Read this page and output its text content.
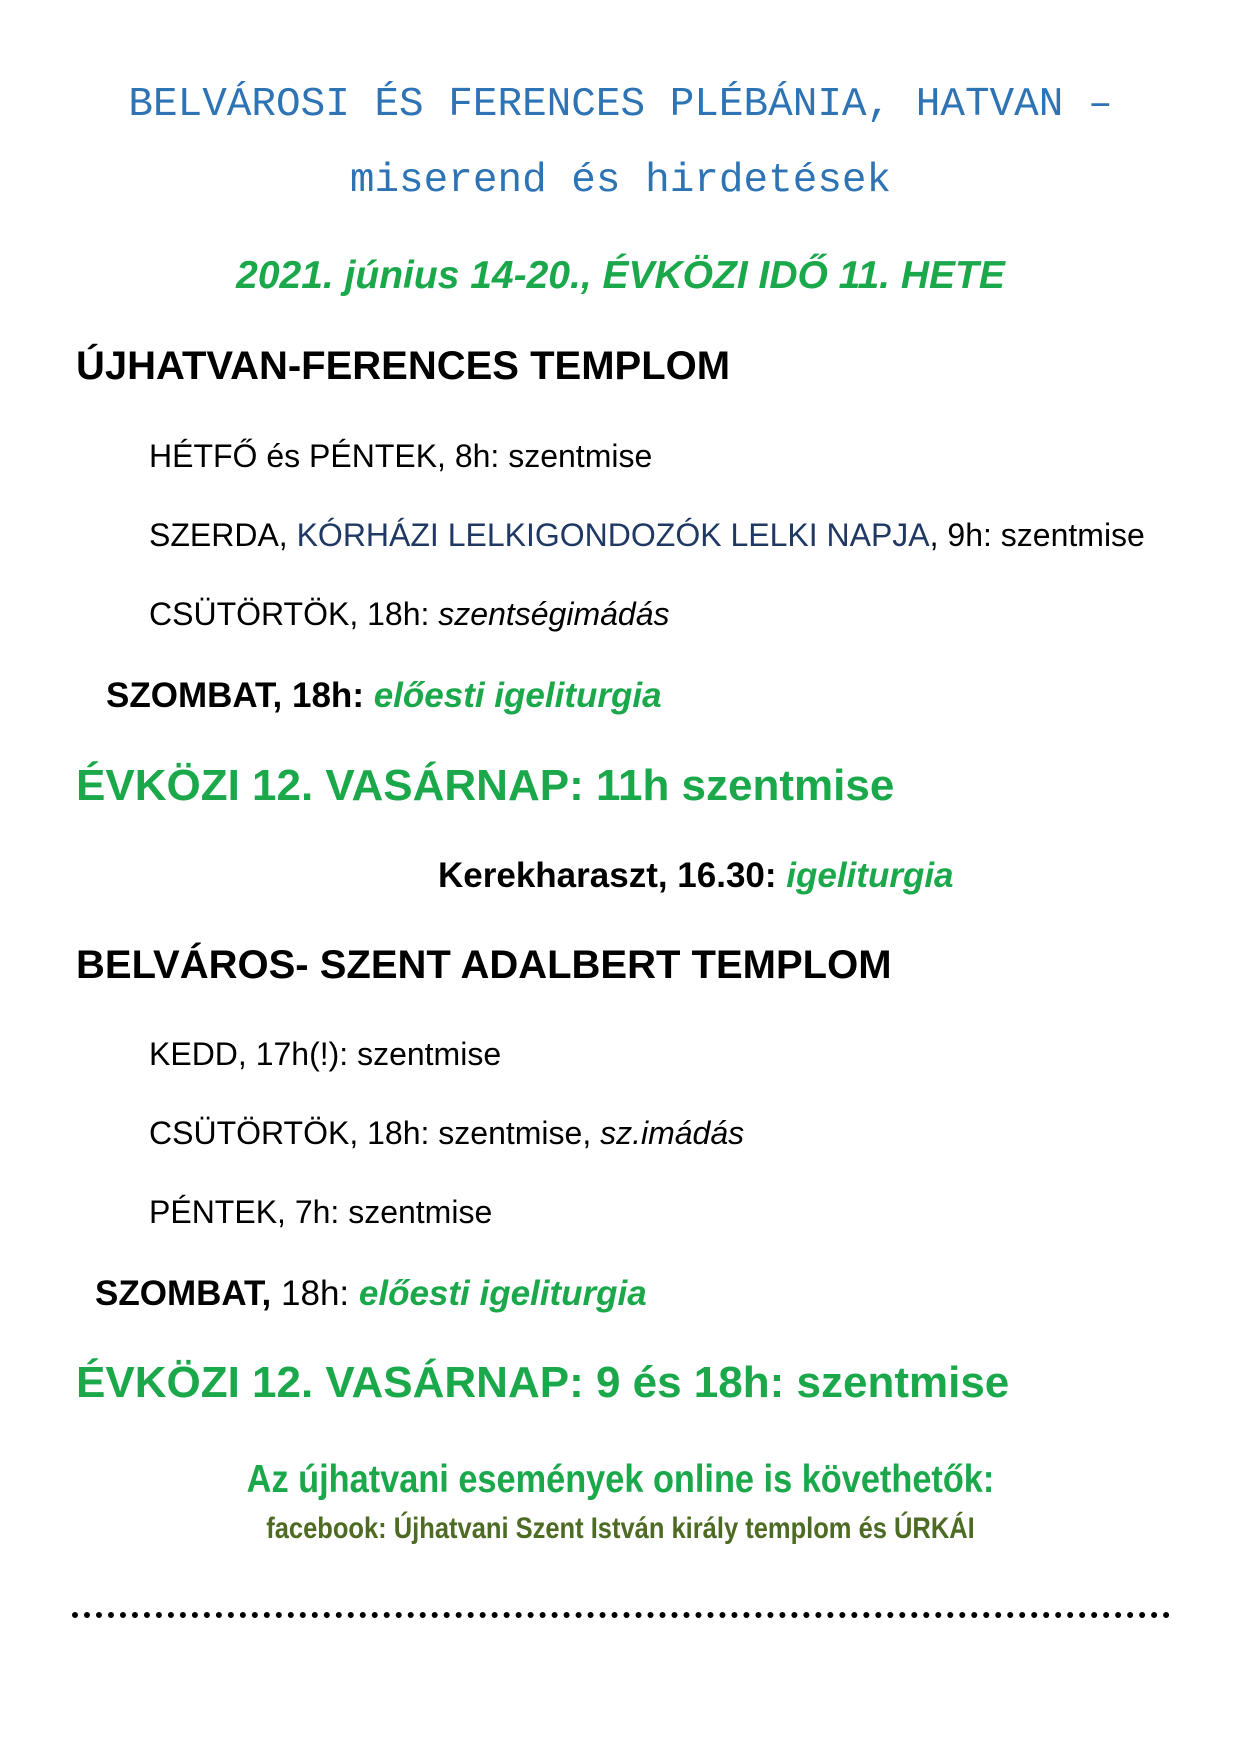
BELVÁROSI ÉS FERENCES PLÉBÁNIA, HATVAN –
miserend és hirdetések
2021. június 14-20., ÉVKÖZI IDŐ 11. HETE
ÚJHATVAN-FERENCES TEMPLOM
HÉTFŐ és PÉNTEK, 8h: szentmise
SZERDA, KÓRHÁZI LELKIGONDOZÓK LELKI NAPJA, 9h: szentmise
CSÜTÖRTÖK, 18h: szentségimádás
SZOMBAT, 18h: előesti igeliturgia
ÉVKÖZI 12. VASÁRNAP: 11h szentmise
Kerekharaszt, 16.30: igeliturgia
BELVÁROS- SZENT ADALBERT TEMPLOM
KEDD, 17h(!): szentmise
CSÜTÖRTÖK, 18h: szentmise, sz.imádás
PÉNTEK, 7h: szentmise
SZOMBAT, 18h: előesti igeliturgia
ÉVKÖZI 12. VASÁRNAP: 9 és 18h: szentmise
Az újhatvani események online is követhetők:
facebook: Újhatvani Szent István király templom és ÚRKÁI
